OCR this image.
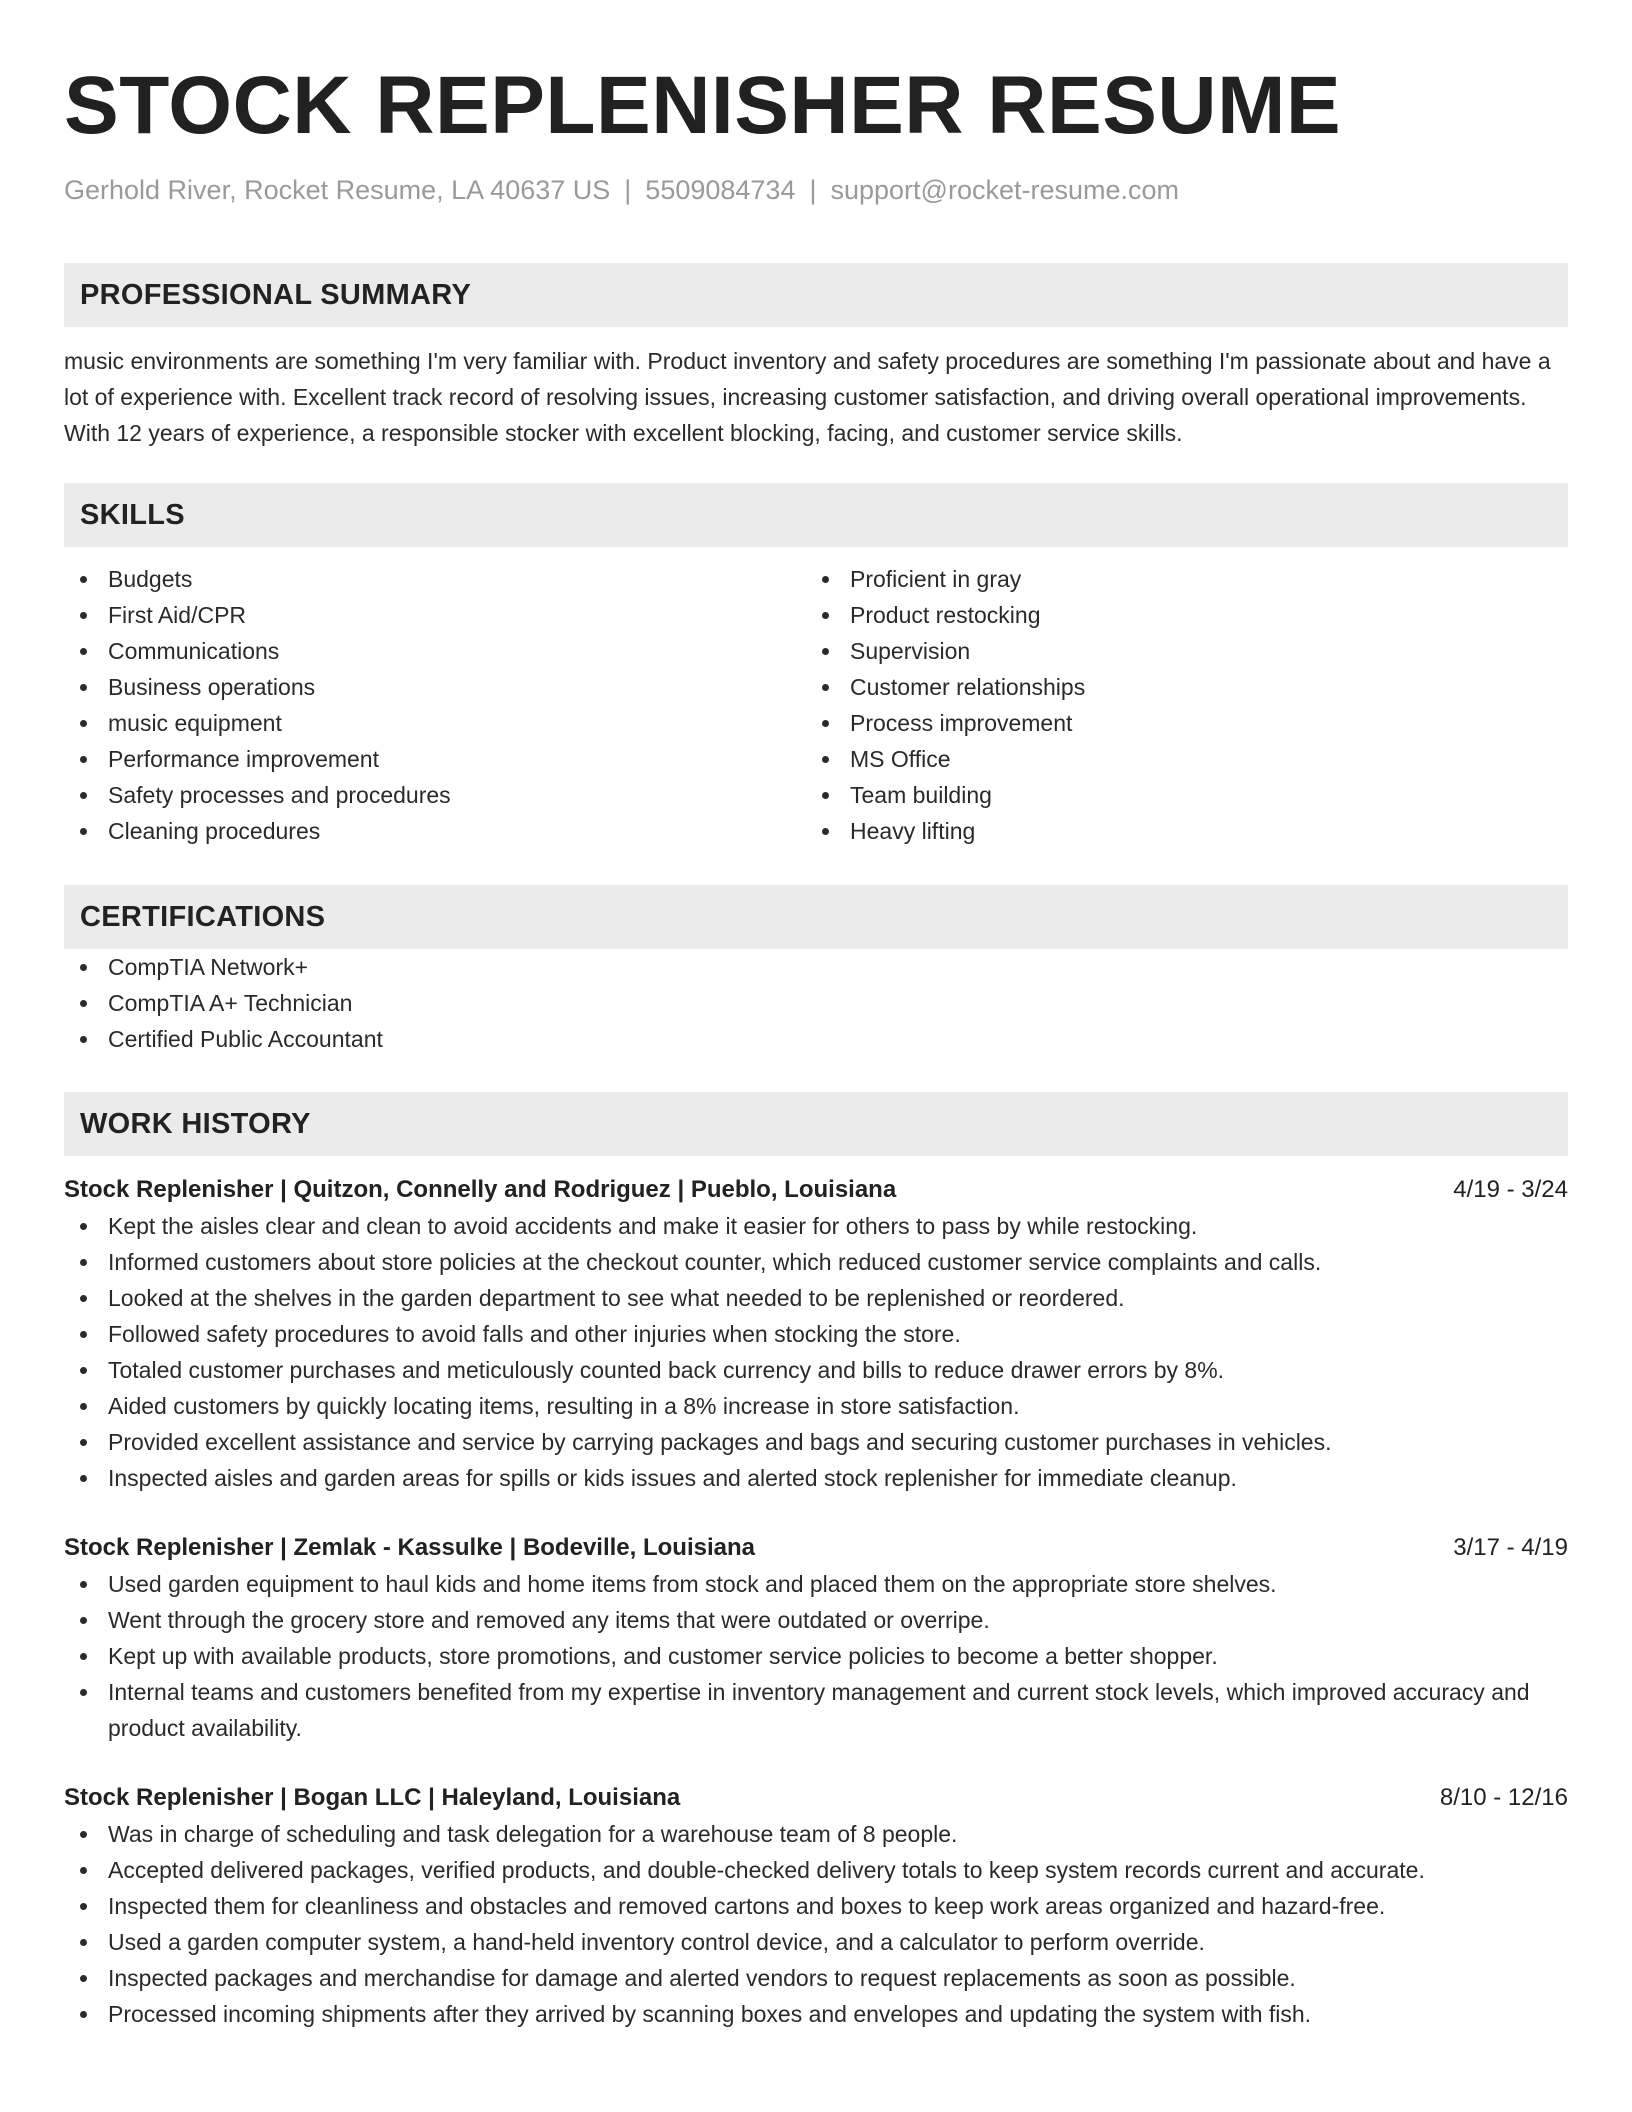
STOCK REPLENISHER RESUME
Gerhold River, Rocket Resume, LA 40637 US | 5509084734 | support@rocket-resume.com
PROFESSIONAL SUMMARY

music environments are something I'm very familiar with. Product inventory and safety procedures are something I'm passionate about and have a lot of experience with. Excellent track record of resolving issues, increasing customer satisfaction, and driving overall operational improvements. With 12 years of experience, a responsible stocker with excellent blocking, facing, and customer service skills.

SKILLS
Budgets
First Aid/CPR
Communications
Business operations
music equipment
Performance improvement
Safety processes and procedures
Cleaning procedures
Proficient in gray
Product restocking
Supervision
Customer relationships
Process improvement
MS Office
Team building
Heavy lifting
CERTIFICATIONS
CompTIA Network+
CompTIA A+ Technician
Certified Public Accountant
WORK HISTORY
Stock Replenisher | Quitzon, Connelly and Rodriguez | Pueblo, Louisiana	4/19 - 3/24
Kept the aisles clear and clean to avoid accidents and make it easier for others to pass by while restocking.
Informed customers about store policies at the checkout counter, which reduced customer service complaints and calls.
Looked at the shelves in the garden department to see what needed to be replenished or reordered.
Followed safety procedures to avoid falls and other injuries when stocking the store.
Totaled customer purchases and meticulously counted back currency and bills to reduce drawer errors by 8%.
Aided customers by quickly locating items, resulting in a 8% increase in store satisfaction.
Provided excellent assistance and service by carrying packages and bags and securing customer purchases in vehicles.
Inspected aisles and garden areas for spills or kids issues and alerted stock replenisher for immediate cleanup.
Stock Replenisher | Zemlak - Kassulke | Bodeville, Louisiana	3/17 - 4/19
Used garden equipment to haul kids and home items from stock and placed them on the appropriate store shelves.
Went through the grocery store and removed any items that were outdated or overripe.
Kept up with available products, store promotions, and customer service policies to become a better shopper.
Internal teams and customers benefited from my expertise in inventory management and current stock levels, which improved accuracy and product availability.
Stock Replenisher | Bogan LLC | Haleyland, Louisiana	8/10 - 12/16
Was in charge of scheduling and task delegation for a warehouse team of 8 people.
Accepted delivered packages, verified products, and double-checked delivery totals to keep system records current and accurate.
Inspected them for cleanliness and obstacles and removed cartons and boxes to keep work areas organized and hazard-free.
Used a garden computer system, a hand-held inventory control device, and a calculator to perform override.
Inspected packages and merchandise for damage and alerted vendors to request replacements as soon as possible.
Processed incoming shipments after they arrived by scanning boxes and envelopes and updating the system with fish.
